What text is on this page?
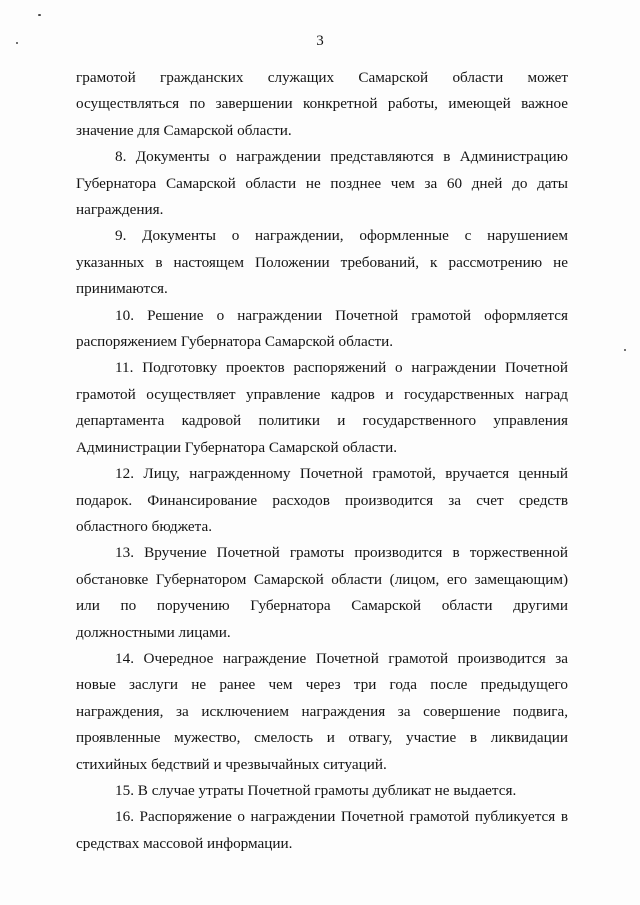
3

грамотой гражданских служащих Самарской области может осуществляться по завершении конкретной работы, имеющей важное значение для Самарской области.

8. Документы о награждении представляются в Администрацию Губернатора Самарской области не позднее чем за 60 дней до даты награждения.

9. Документы о награждении, оформленные с нарушением указанных в настоящем Положении требований, к рассмотрению не принимаются.

10. Решение о награждении Почетной грамотой оформляется распоряжением Губернатора Самарской области.

11. Подготовку проектов распоряжений о награждении Почетной грамотой осуществляет управление кадров и государственных наград департамента кадровой политики и государственного управления Администрации Губернатора Самарской области.

12. Лицу, награжденному Почетной грамотой, вручается ценный подарок. Финансирование расходов производится за счет средств областного бюджета.

13. Вручение Почетной грамоты производится в торжественной обстановке Губернатором Самарской области (лицом, его замещающим) или по поручению Губернатора Самарской области другими должностными лицами.

14. Очередное награждение Почетной грамотой производится за новые заслуги не ранее чем через три года после предыдущего награждения, за исключением награждения за совершение подвига, проявленные мужество, смелость и отвагу, участие в ликвидации стихийных бедствий и чрезвычайных ситуаций.

15. В случае утраты Почетной грамоты дубликат не выдается.

16. Распоряжение о награждении Почетной грамотой публикуется в средствах массовой информации.
